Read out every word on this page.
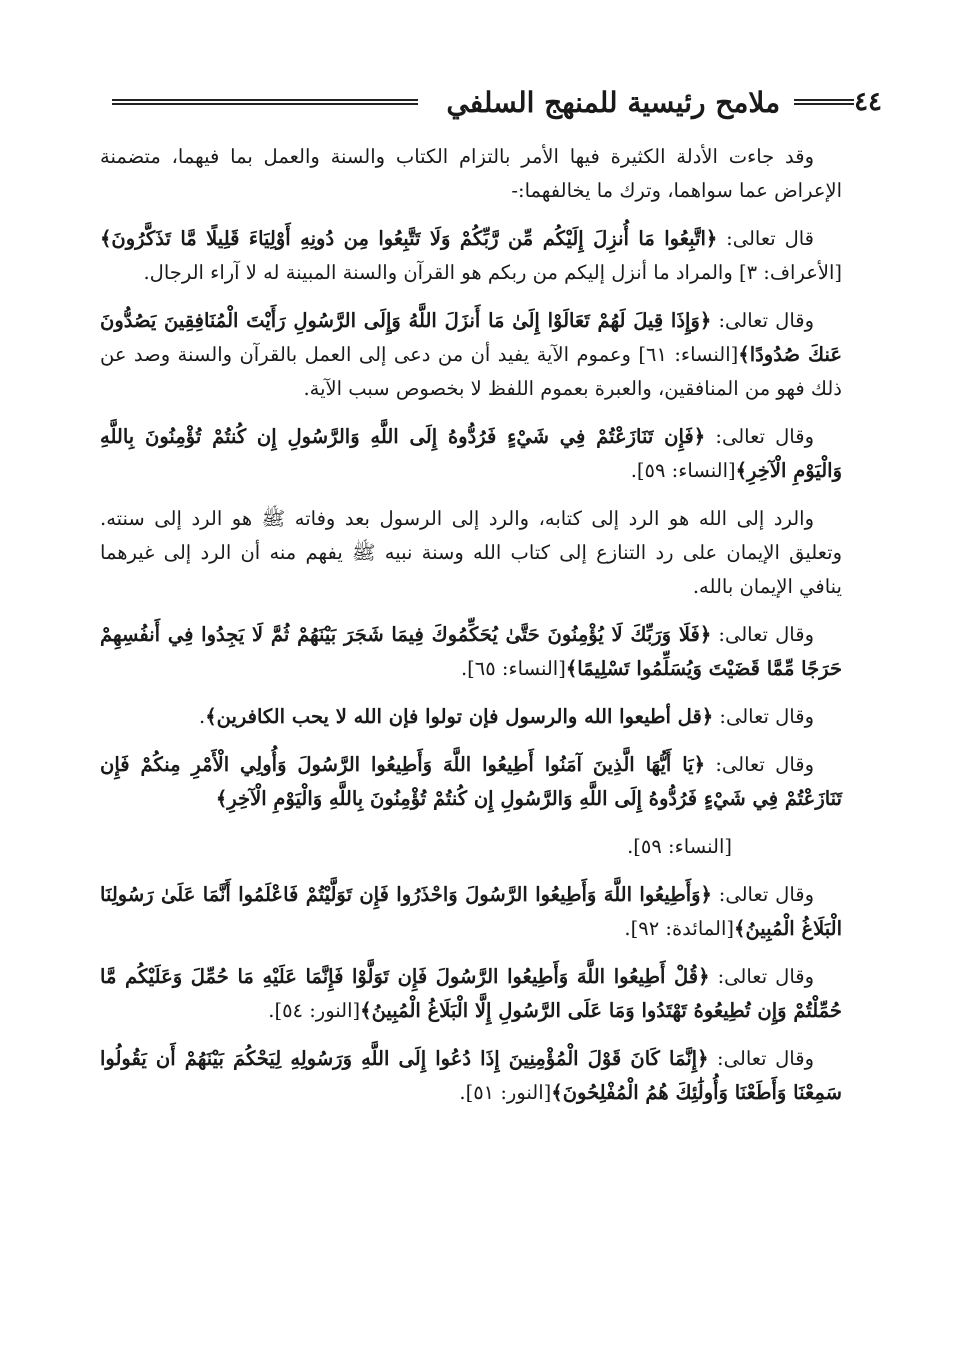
٤٤
ملامح رئيسية للمنهج السلفي

وقد جاءت الأدلة الكثيرة فيها الأمر بالتزام الكتاب والسنة والعمل بما فيهما، متضمنة الإعراض عما سواهما، وترك ما يخالفهما:-

قال تعالى: ﴿اتَّبِعُوا مَا أُنزِلَ إِلَيْكُم مِّن رَّبِّكُمْ وَلَا تَتَّبِعُوا مِن دُونِهِ أَوْلِيَاءَ قَلِيلًا مَّا تَذَكَّرُونَ﴾[الأعراف: ٣] والمراد ما أنزل إليكم من ربكم هو القرآن والسنة المبينة له لا آراء الرجال.

وقال تعالى: ﴿وَإِذَا قِيلَ لَهُمْ تَعَالَوْا إِلَىٰ مَا أَنزَلَ اللَّهُ وَإِلَى الرَّسُولِ رَأَيْتَ الْمُنَافِقِينَ يَصُدُّونَ عَنكَ صُدُودًا﴾[النساء: ٦١] وعموم الآية يفيد أن من دعى إلى العمل بالقرآن والسنة وصد عن ذلك فهو من المنافقين، والعبرة بعموم اللفظ لا بخصوص سبب الآية.

وقال تعالى: ﴿فَإِن تَنَازَعْتُمْ فِي شَيْءٍ فَرُدُّوهُ إِلَى اللَّهِ وَالرَّسُولِ إِن كُنتُمْ تُؤْمِنُونَ بِاللَّهِ وَالْيَوْمِ الْآخِرِ﴾[النساء: ٥٩].

والرد إلى الله هو الرد إلى كتابه، والرد إلى الرسول بعد وفاته ﷺ هو الرد إلى سنته. وتعليق الإيمان على رد التنازع إلى كتاب الله وسنة نبيه ﷺ يفهم منه أن الرد إلى غيرهما ينافي الإيمان بالله.

وقال تعالى: ﴿فَلَا وَرَبِّكَ لَا يُؤْمِنُونَ حَتَّىٰ يُحَكِّمُوكَ فِيمَا شَجَرَ بَيْنَهُمْ ثُمَّ لَا يَجِدُوا فِي أَنفُسِهِمْ حَرَجًا مِّمَّا قَضَيْتَ وَيُسَلِّمُوا تَسْلِيمًا﴾[النساء: ٦٥].

وقال تعالى: ﴿قل أطيعوا الله والرسول فإن تولوا فإن الله لا يحب الكافرين﴾.

وقال تعالى: ﴿يَا أَيُّهَا الَّذِينَ آمَنُوا أَطِيعُوا اللَّهَ وَأَطِيعُوا الرَّسُولَ وَأُولِي الْأَمْرِ مِنكُمْ فَإِن تَنَازَعْتُمْ فِي شَيْءٍ فَرُدُّوهُ إِلَى اللَّهِ وَالرَّسُولِ إِن كُنتُمْ تُؤْمِنُونَ بِاللَّهِ وَالْيَوْمِ الْآخِرِ﴾

[النساء: ٥٩].

وقال تعالى: ﴿وَأَطِيعُوا اللَّهَ وَأَطِيعُوا الرَّسُولَ وَاحْذَرُوا فَإِن تَوَلَّيْتُمْ فَاعْلَمُوا أَنَّمَا عَلَىٰ رَسُولِنَا الْبَلَاغُ الْمُبِينُ﴾[المائدة: ٩٢].

وقال تعالى: ﴿قُلْ أَطِيعُوا اللَّهَ وَأَطِيعُوا الرَّسُولَ فَإِن تَوَلَّوْا فَإِنَّمَا عَلَيْهِ مَا حُمِّلَ وَعَلَيْكُم مَّا حُمِّلْتُمْ وَإِن تُطِيعُوهُ تَهْتَدُوا وَمَا عَلَى الرَّسُولِ إِلَّا الْبَلَاغُ الْمُبِينُ﴾[النور: ٥٤].

وقال تعالى: ﴿إِنَّمَا كَانَ قَوْلَ الْمُؤْمِنِينَ إِذَا دُعُوا إِلَى اللَّهِ وَرَسُولِهِ لِيَحْكُمَ بَيْنَهُمْ أَن يَقُولُوا سَمِعْنَا وَأَطَعْنَا وَأُولَٰئِكَ هُمُ الْمُفْلِحُونَ﴾[النور: ٥١].
